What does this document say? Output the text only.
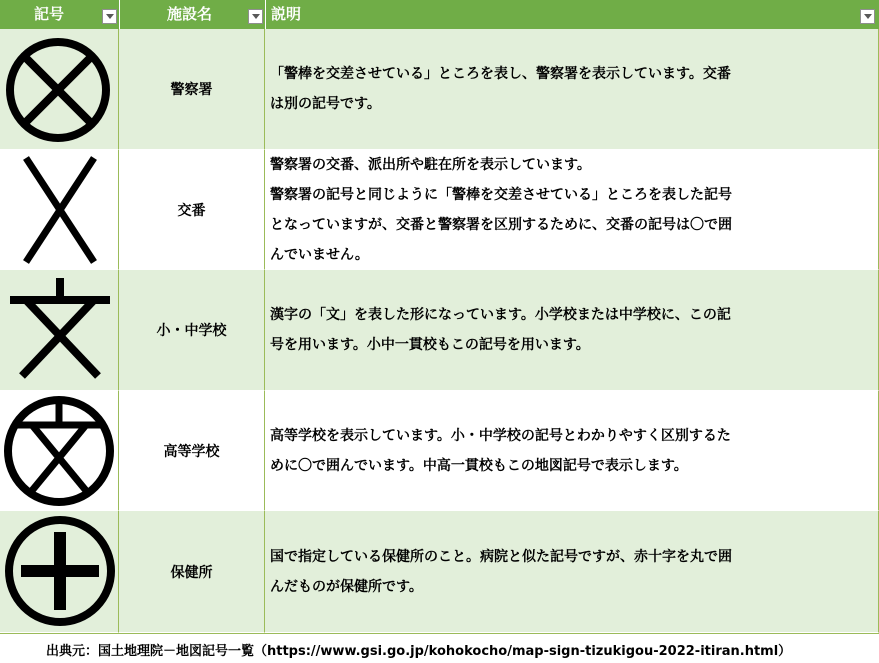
記号	施設名	説明
警察署
「警棒を交差させている」ところを表し、警察署を表示しています。交番
は別の記号です。
交番
警察署の交番、派出所や駐在所を表示しています。
警察署の記号と同じように「警棒を交差させている」ところを表した記号
となっていますが、交番と警察署を区別するために、交番の記号は〇で囲
んでいません。
小・中学校
漢字の「文」を表した形になっています。小学校または中学校に、この記
号を用います。小中一貫校もこの記号を用います。
高等学校
高等学校を表示しています。小・中学校の記号とわかりやすく区別するた
めに〇で囲んでいます。中高一貫校もこの地図記号で表示します。
保健所
国で指定している保健所のこと。病院と似た記号ですが、赤十字を丸で囲
んだものが保健所です。
出典元：国土地理院－地図記号一覧（https://www.gsi.go.jp/kohokocho/map-sign-tizukigou-2022-itiran.html）
